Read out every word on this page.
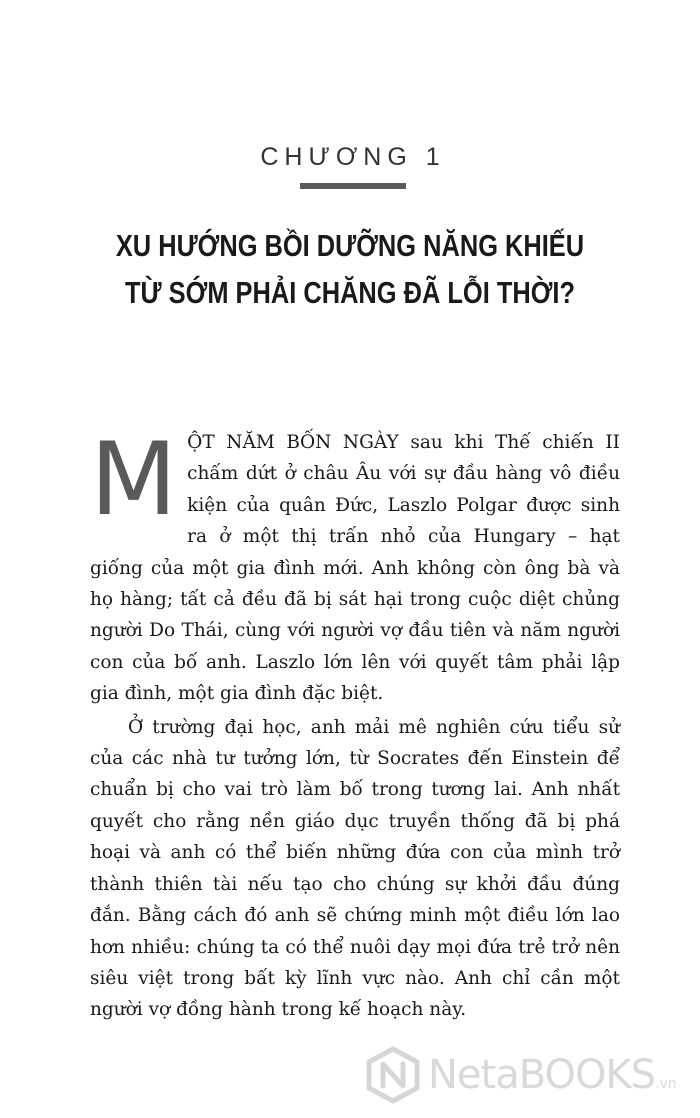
CHƯƠNG 1
XU HƯỚNG BỒI DƯỠNG NĂNG KHIẾU
TỪ SỚM PHẢI CHĂNG ĐÃ LỖI THỜI?

MỘT NĂM BỐN NGÀY sau khi Thế chiến II chấm dứt ở châu Âu với sự đầu hàng vô điều kiện của quân Đức, Laszlo Polgar được sinh ra ở một thị trấn nhỏ của Hungary – hạt giống của một gia đình mới. Anh không còn ông bà và họ hàng; tất cả đều đã bị sát hại trong cuộc diệt chủng người Do Thái, cùng với người vợ đầu tiên và năm người con của bố anh. Laszlo lớn lên với quyết tâm phải lập gia đình, một gia đình đặc biệt.

Ở trường đại học, anh mải mê nghiên cứu tiểu sử của các nhà tư tưởng lớn, từ Socrates đến Einstein để chuẩn bị cho vai trò làm bố trong tương lai. Anh nhất quyết cho rằng nền giáo dục truyền thống đã bị phá hoại và anh có thể biến những đứa con của mình trở thành thiên tài nếu tạo cho chúng sự khởi đầu đúng đắn. Bằng cách đó anh sẽ chứng minh một điều lớn lao hơn nhiều: chúng ta có thể nuôi dạy mọi đứa trẻ trở nên siêu việt trong bất kỳ lĩnh vực nào. Anh chỉ cần một người vợ đồng hành trong kế hoạch này.

NetaBOOKS.vn
